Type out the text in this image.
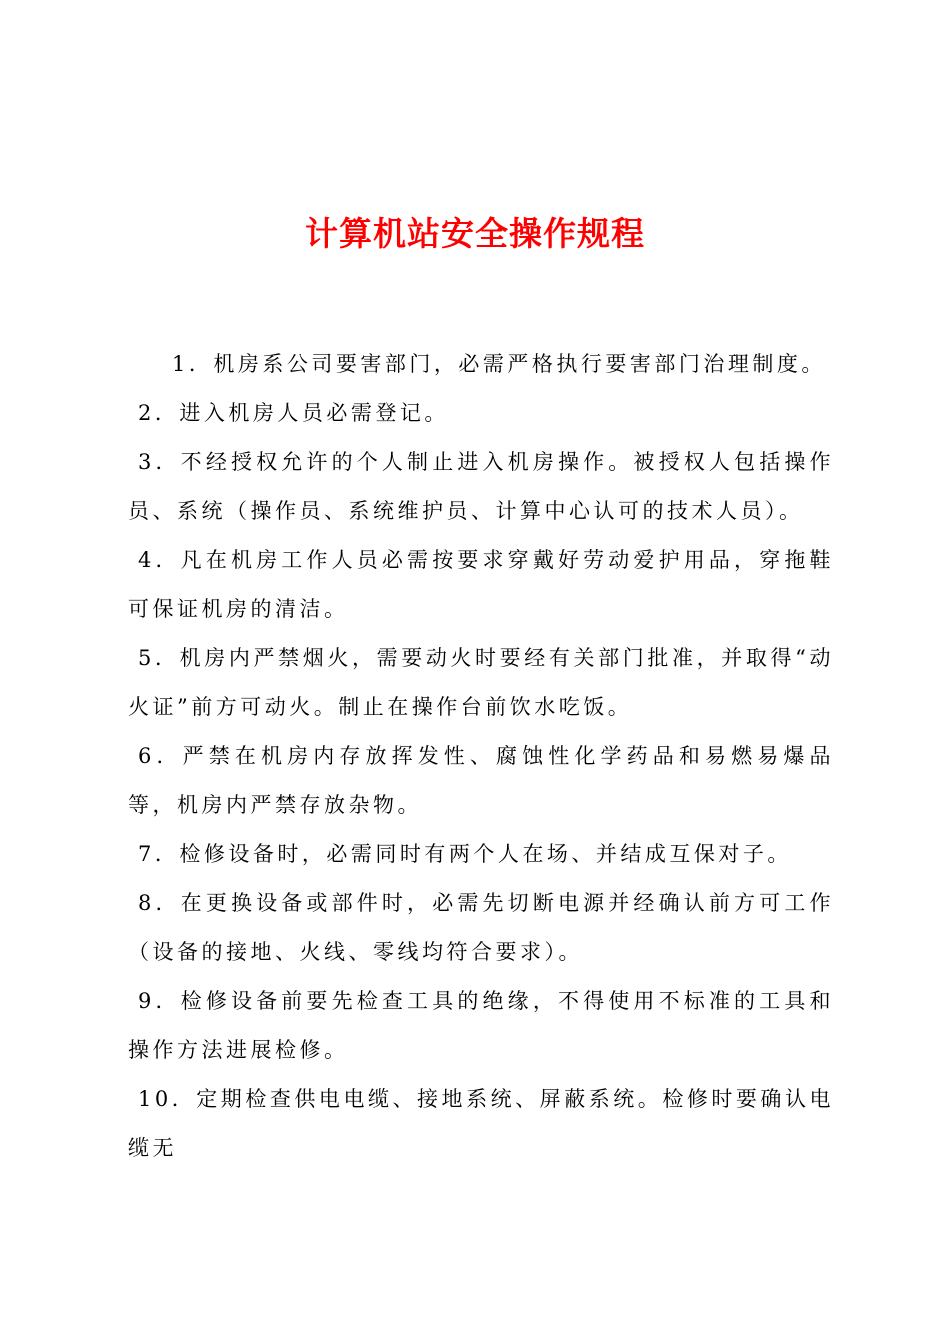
计算机站安全操作规程

1．机房系公司要害部门，必需严格执行要害部门治理制度。

2．进入机房人员必需登记。

3．不经授权允许的个人制止进入机房操作。被授权人包括操作员、系统（操作员、系统维护员、计算中心认可的技术人员）。

4．凡在机房工作人员必需按要求穿戴好劳动爱护用品，穿拖鞋可保证机房的清洁。

5．机房内严禁烟火，需要动火时要经有关部门批准，并取得“动火证”前方可动火。制止在操作台前饮水吃饭。

6．严禁在机房内存放挥发性、腐蚀性化学药品和易燃易爆品等，机房内严禁存放杂物。

7．检修设备时，必需同时有两个人在场、并结成互保对子。

8．在更换设备或部件时，必需先切断电源并经确认前方可工作（设备的接地、火线、零线均符合要求）。

9．检修设备前要先检查工具的绝缘，不得使用不标准的工具和操作方法进展检修。

10．定期检查供电电缆、接地系统、屏蔽系统。检修时要确认电缆无
